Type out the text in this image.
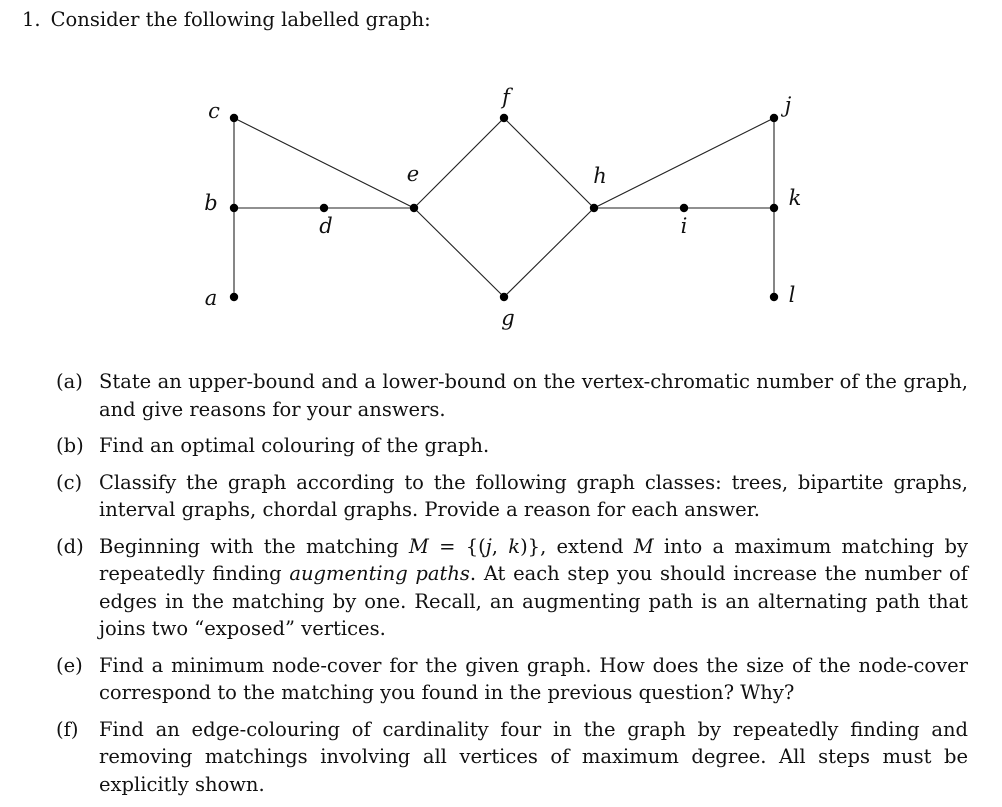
1. Consider the following labelled graph:
a
b
c
d
e
f
g
h
i
j
k
l
(a) State an upper-bound and a lower-bound on the vertex-chromatic number of the graph, and give reasons for your answers.
(b) Find an optimal colouring of the graph.
(c) Classify the graph according to the following graph classes: trees, bipartite graphs, interval graphs, chordal graphs. Provide a reason for each answer.
(d) Beginning with the matching M = {(j, k)}, extend M into a maximum matching by repeatedly finding augmenting paths. At each step you should increase the number of edges in the matching by one. Recall, an augmenting path is an alternating path that joins two “exposed” vertices.
(e) Find a minimum node-cover for the given graph. How does the size of the node-cover correspond to the matching you found in the previous question? Why?
(f) Find an edge-colouring of cardinality four in the graph by repeatedly finding and removing matchings involving all vertices of maximum degree. All steps must be explicitly shown.
